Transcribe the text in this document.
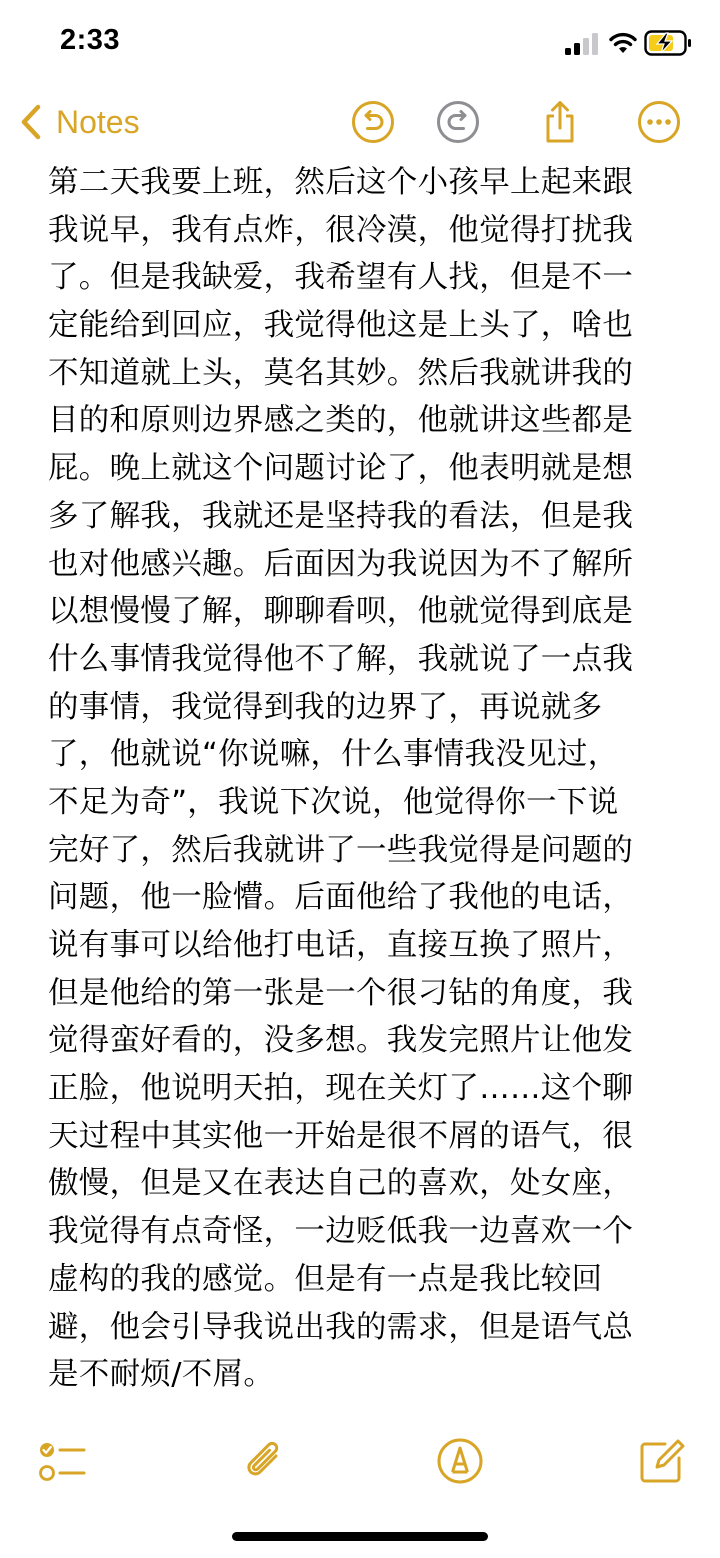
2:33
Notes
第二天我要上班，然后这个小孩早上起来跟
我说早，我有点炸，很冷漠，他觉得打扰我
了。但是我缺爱，我希望有人找，但是不一
定能给到回应，我觉得他这是上头了，啥也
不知道就上头，莫名其妙。然后我就讲我的
目的和原则边界感之类的，他就讲这些都是
屁。晚上就这个问题讨论了，他表明就是想
多了解我，我就还是坚持我的看法，但是我
也对他感兴趣。后面因为我说因为不了解所
以想慢慢了解，聊聊看呗，他就觉得到底是
什么事情我觉得他不了解，我就说了一点我
的事情，我觉得到我的边界了，再说就多
了，他就说“你说嘛，什么事情我没见过，
不足为奇”，我说下次说，他觉得你一下说
完好了，然后我就讲了一些我觉得是问题的
问题，他一脸懵。后面他给了我他的电话，
说有事可以给他打电话，直接互换了照片，
但是他给的第一张是一个很刁钻的角度，我
觉得蛮好看的，没多想。我发完照片让他发
正脸，他说明天拍，现在关灯了……这个聊
天过程中其实他一开始是很不屑的语气，很
傲慢，但是又在表达自己的喜欢，处女座，
我觉得有点奇怪，一边贬低我一边喜欢一个
虚构的我的感觉。但是有一点是我比较回
避，他会引导我说出我的需求，但是语气总
是不耐烦/不屑。
